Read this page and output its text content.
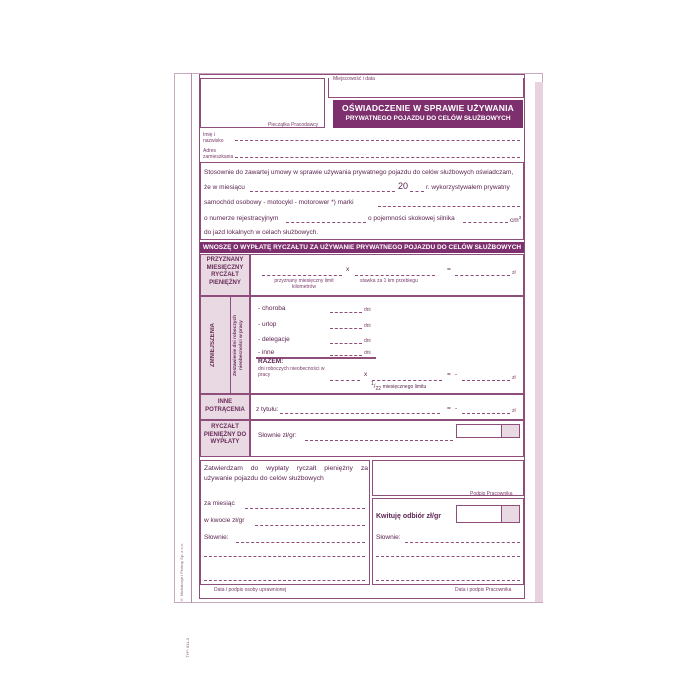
© Michalczyk i Prokop Sp. z o.o.
TYP: 811-3
Pieczątka Pracodawcy
Miejscowość i data
OŚWIADCZENIE W SPRAWIE UŻYWANIA
PRYWATNEGO POJAZDU DO CELÓW SŁUŻBOWYCH
Imię i nazwisko
Adres zamieszkania
Stosownie do zawartej umowy w sprawie używania prywatnego pojazdu do celów służbowych oświadczam,
że w miesiącu	20	r. wykorzystywałem prywatny
samochód osobowy - motocykl - motorower *) marki
o numerze rejestracyjnym	o pojemności skokowej silnika	$cm^3$
do jazd lokalnych w celach służbowych.
WNOSZĘ O WYPŁATĘ RYCZAŁTU ZA UŻYWANIE PRYWATNEGO POJAZDU DO CELÓW SŁUŻBOWYCH
PRZYZNANY MIESIĘCZNY RYCZAŁT PIENIĘŻNY
x	=	zł
przyznany miesięczny limit kilometrów
stawka za 1 km przebiegu
ZMNIEJSZENIA	Zestawienie dni roboczych nieobecności w pracy
- choroba	dni
- urlop	dni
- delegacje	dni
- inne	dni
RAZEM:
dni roboczych nieobecności w pracy	x	= -	zł
$^1/_{22}$ miesięcznego limitu
INNE POTRĄCENIA	z tytułu:	= -	zł
RYCZAŁT PIENIĘŻNY DO WYPŁATY
Słownie zł/gr:
Zatwierdzam do wypłaty ryczałt pieniężny za używanie pojazdu do celów służbowych
za miesiąc
w kwocie zł/gr
Słownie:
Data i podpis osoby uprawnionej
Podpis Pracownika
Kwituję odbiór zł/gr
Słownie:
Data i podpis Pracownika
